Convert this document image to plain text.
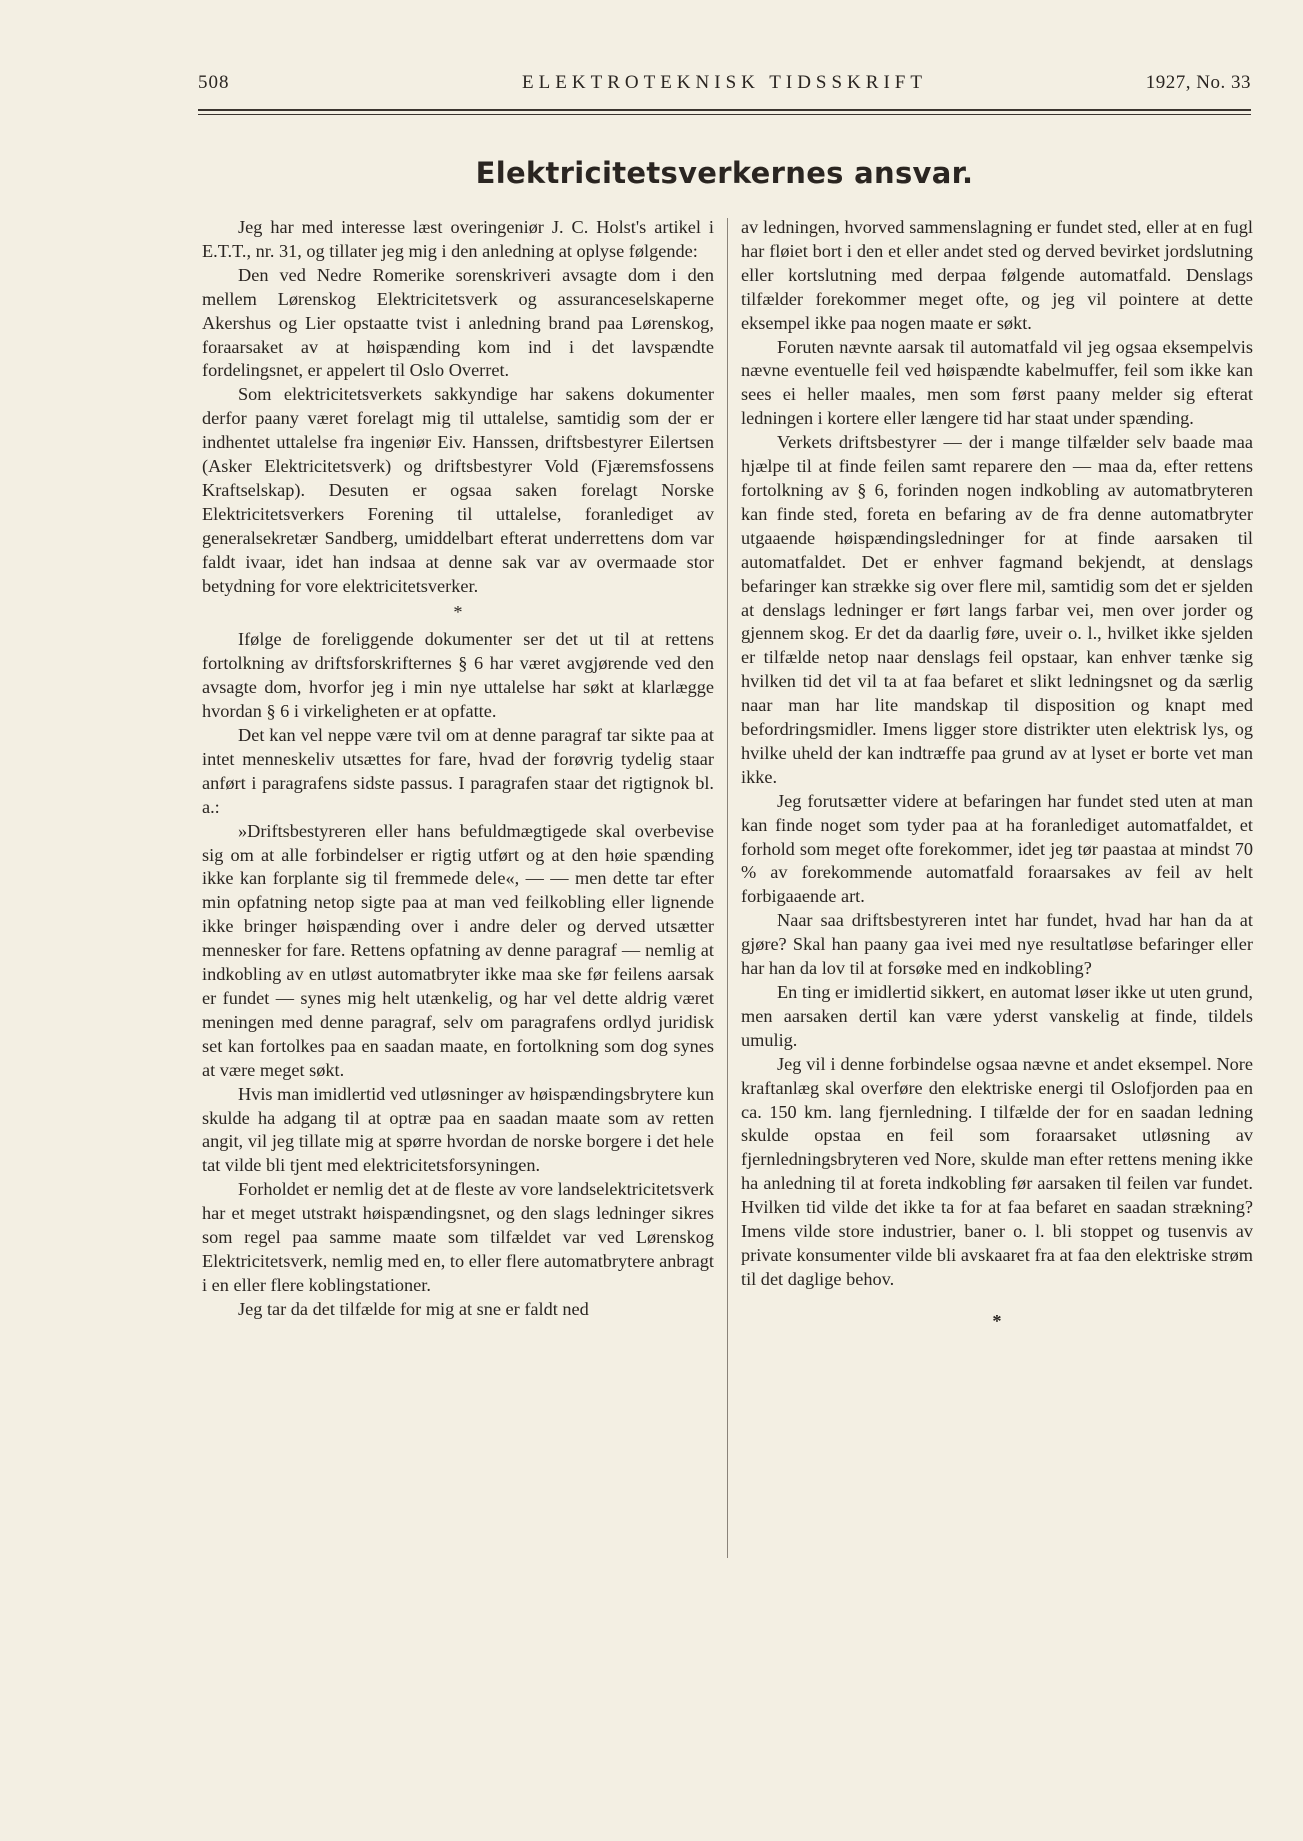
508	ELEKTROTEKNISK TIDSSKRIFT	1927, No. 33
Elektricitetsverkernes ansvar.

Jeg har med interesse læst overingeniør J. C. Holst's artikel i E.T.T., nr. 31, og tillater jeg mig i den anledning at oplyse følgende:

Den ved Nedre Romerike sorenskriveri avsagte dom i den mellem Lørenskog Elektricitetsverk og assuranceselskaperne Akershus og Lier opstaatte tvist i anledning brand paa Lørenskog, foraarsaket av at høispænding kom ind i det lavspændte fordelingsnet, er appelert til Oslo Overret.

Som elektricitetsverkets sakkyndige har sakens dokumenter derfor paany været forelagt mig til uttalelse, samtidig som der er indhentet uttalelse fra ingeniør Eiv. Hanssen, driftsbestyrer Eilertsen (Asker Elektricitetsverk) og driftsbestyrer Vold (Fjæremsfossens Kraftselskap). Desuten er ogsaa saken forelagt Norske Elektricitetsverkers Forening til uttalelse, foranlediget av generalsekretær Sandberg, umiddelbart efterat underrettens dom var faldt ivaar, idet han indsaa at denne sak var av overmaade stor betydning for vore elektricitetsverker.

*

Ifølge de foreliggende dokumenter ser det ut til at rettens fortolkning av driftsforskrifternes § 6 har været avgjørende ved den avsagte dom, hvorfor jeg i min nye uttalelse har søkt at klarlægge hvordan § 6 i virkeligheten er at opfatte.

Det kan vel neppe være tvil om at denne paragraf tar sikte paa at intet menneskeliv utsættes for fare, hvad der forøvrig tydelig staar anført i paragrafens sidste passus. I paragrafen staar det rigtignok bl. a.:

»Driftsbestyreren eller hans befuldmægtigede skal overbevise sig om at alle forbindelser er rigtig utført og at den høie spænding ikke kan forplante sig til fremmede dele«, — — men dette tar efter min opfatning netop sigte paa at man ved feilkobling eller lignende ikke bringer høispænding over i andre deler og derved utsætter mennesker for fare. Rettens opfatning av denne paragraf — nemlig at indkobling av en utløst automatbryter ikke maa ske før feilens aarsak er fundet — synes mig helt utænkelig, og har vel dette aldrig været meningen med denne paragraf, selv om paragrafens ordlyd juridisk set kan fortolkes paa en saadan maate, en fortolkning som dog synes at være meget søkt.

Hvis man imidlertid ved utløsninger av høispændingsbrytere kun skulde ha adgang til at optræ paa en saadan maate som av retten angit, vil jeg tillate mig at spørre hvordan de norske borgere i det hele tat vilde bli tjent med elektricitetsforsyningen.

Forholdet er nemlig det at de fleste av vore landselektricitetsverk har et meget utstrakt høispændingsnet, og den slags ledninger sikres som regel paa samme maate som tilfældet var ved Lørenskog Elektricitetsverk, nemlig med en, to eller flere automatbrytere anbragt i en eller flere koblingstationer.

Jeg tar da det tilfælde for mig at sne er faldt ned

av ledningen, hvorved sammenslagning er fundet sted, eller at en fugl har fløiet bort i den et eller andet sted og derved bevirket jordslutning eller kortslutning med derpaa følgende automatfald. Denslags tilfælder forekommer meget ofte, og jeg vil pointere at dette eksempel ikke paa nogen maate er søkt.

Foruten nævnte aarsak til automatfald vil jeg ogsaa eksempelvis nævne eventuelle feil ved høispændte kabelmuffer, feil som ikke kan sees ei heller maales, men som først paany melder sig efterat ledningen i kortere eller længere tid har staat under spænding.

Verkets driftsbestyrer — der i mange tilfælder selv baade maa hjælpe til at finde feilen samt reparere den — maa da, efter rettens fortolkning av § 6, forinden nogen indkobling av automatbryteren kan finde sted, foreta en befaring av de fra denne automatbryter utgaaende høispændingsledninger for at finde aarsaken til automatfaldet. Det er enhver fagmand bekjendt, at denslags befaringer kan strække sig over flere mil, samtidig som det er sjelden at denslags ledninger er ført langs farbar vei, men over jorder og gjennem skog. Er det da daarlig føre, uveir o. l., hvilket ikke sjelden er tilfælde netop naar denslags feil opstaar, kan enhver tænke sig hvilken tid det vil ta at faa befaret et slikt ledningsnet og da særlig naar man har lite mandskap til disposition og knapt med befordringsmidler. Imens ligger store distrikter uten elektrisk lys, og hvilke uheld der kan indtræffe paa grund av at lyset er borte vet man ikke.

Jeg forutsætter videre at befaringen har fundet sted uten at man kan finde noget som tyder paa at ha foranlediget automatfaldet, et forhold som meget ofte forekommer, idet jeg tør paastaa at mindst 70 % av forekommende automatfald foraarsakes av feil av helt forbigaaende art.

Naar saa driftsbestyreren intet har fundet, hvad har han da at gjøre? Skal han paany gaa ivei med nye resultatløse befaringer eller har han da lov til at forsøke med en indkobling?

En ting er imidlertid sikkert, en automat løser ikke ut uten grund, men aarsaken dertil kan være yderst vanskelig at finde, tildels umulig.

Jeg vil i denne forbindelse ogsaa nævne et andet eksempel. Nore kraftanlæg skal overføre den elektriske energi til Oslofjorden paa en ca. 150 km. lang fjernledning. I tilfælde der for en saadan ledning skulde opstaa en feil som foraarsaket utløsning av fjernledningsbryteren ved Nore, skulde man efter rettens mening ikke ha anledning til at foreta indkobling før aarsaken til feilen var fundet. Hvilken tid vilde det ikke ta for at faa befaret en saadan strækning? Imens vilde store industrier, baner o. l. bli stoppet og tusenvis av private konsumenter vilde bli avskaaret fra at faa den elektriske strøm til det daglige behov.

*
